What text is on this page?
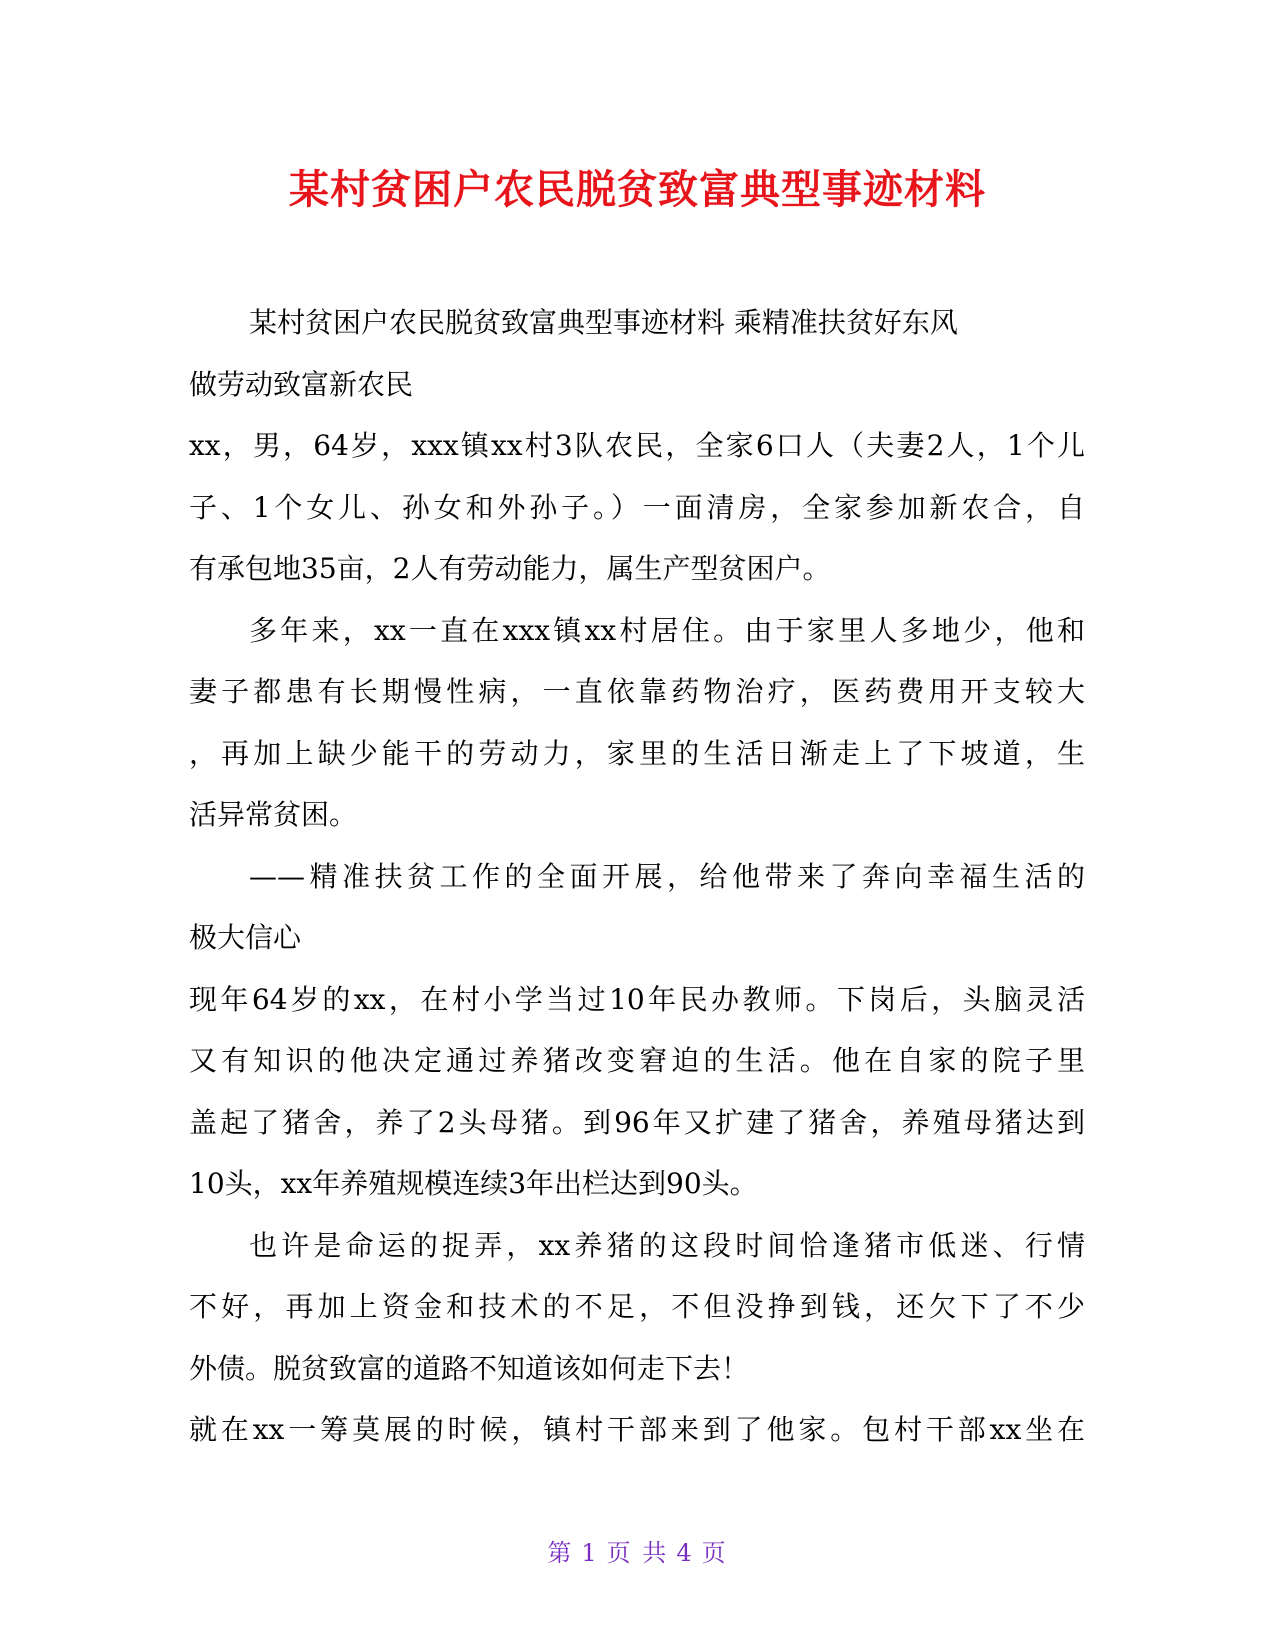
某村贫困户农民脱贫致富典型事迹材料
某村贫困户农民脱贫致富典型事迹材料 乘精准扶贫好东风
做劳动致富新农民
xx，男，64岁，xxx镇xx村3队农民，全家6口人（夫妻2人，1个儿
子、1个女儿、孙女和外孙子。）一面清房，全家参加新农合，自
有承包地35亩，2人有劳动能力，属生产型贫困户。
多年来，xx一直在xxx镇xx村居住。由于家里人多地少，他和
妻子都患有长期慢性病，一直依靠药物治疗，医药费用开支较大
，再加上缺少能干的劳动力，家里的生活日渐走上了下坡道，生
活异常贫困。
——精准扶贫工作的全面开展，给他带来了奔向幸福生活的
极大信心
现年64岁的xx，在村小学当过10年民办教师。下岗后，头脑灵活
又有知识的他决定通过养猪改变窘迫的生活。他在自家的院子里
盖起了猪舍，养了2头母猪。到96年又扩建了猪舍，养殖母猪达到
10头，xx年养殖规模连续3年出栏达到90头。
也许是命运的捉弄，xx养猪的这段时间恰逢猪市低迷、行情
不好，再加上资金和技术的不足，不但没挣到钱，还欠下了不少
外债。脱贫致富的道路不知道该如何走下去！
就在xx一筹莫展的时候，镇村干部来到了他家。包村干部xx坐在
第 1 页 共 4 页
